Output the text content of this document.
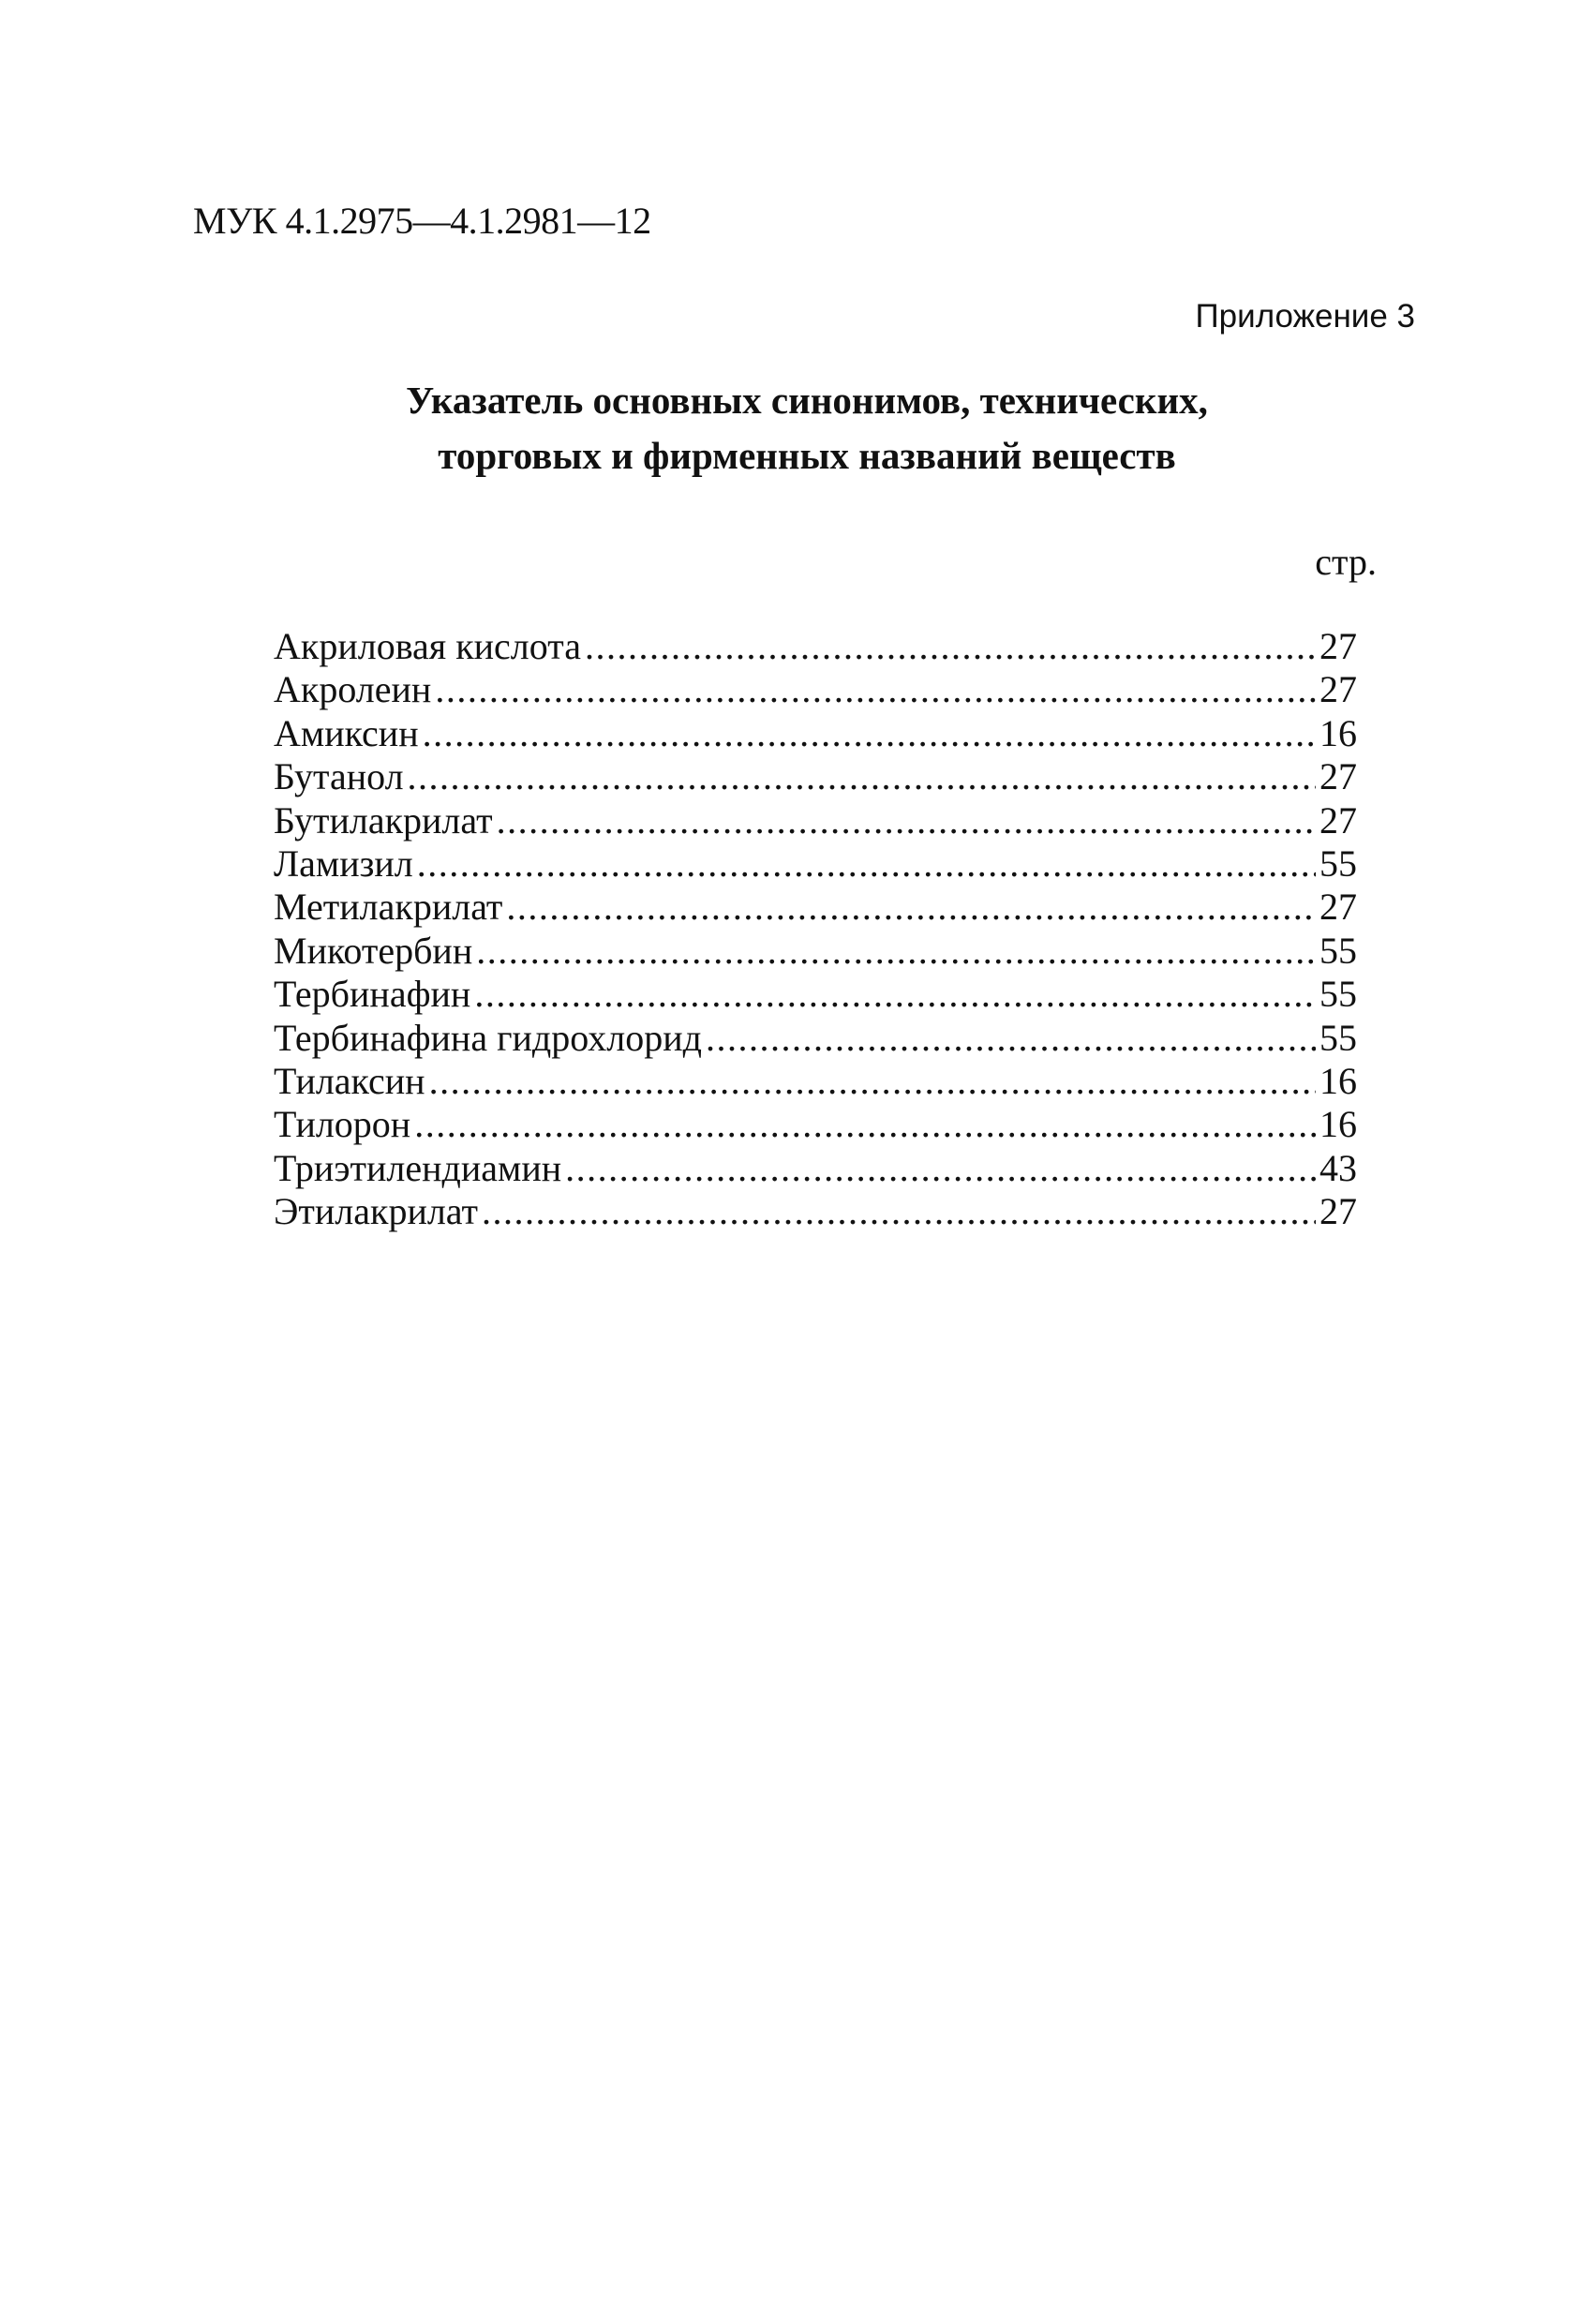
МУК 4.1.2975—4.1.2981—12
Приложение 3
Указатель основных синонимов, технических,
торговых и фирменных названий веществ
стр.
Акриловая кислота .....	27
Акролеин .....	27
Амиксин .....	16
Бутанол .....	27
Бутилакрилат .....	27
Ламизил .....	55
Метилакрилат .....	27
Микотербин .....	55
Тербинафин .....	55
Тербинафина гидрохлорид .....	55
Тилаксин .....	16
Тилорон .....	16
Триэтилендиамин .....	43
Этилакрилат .....	27
